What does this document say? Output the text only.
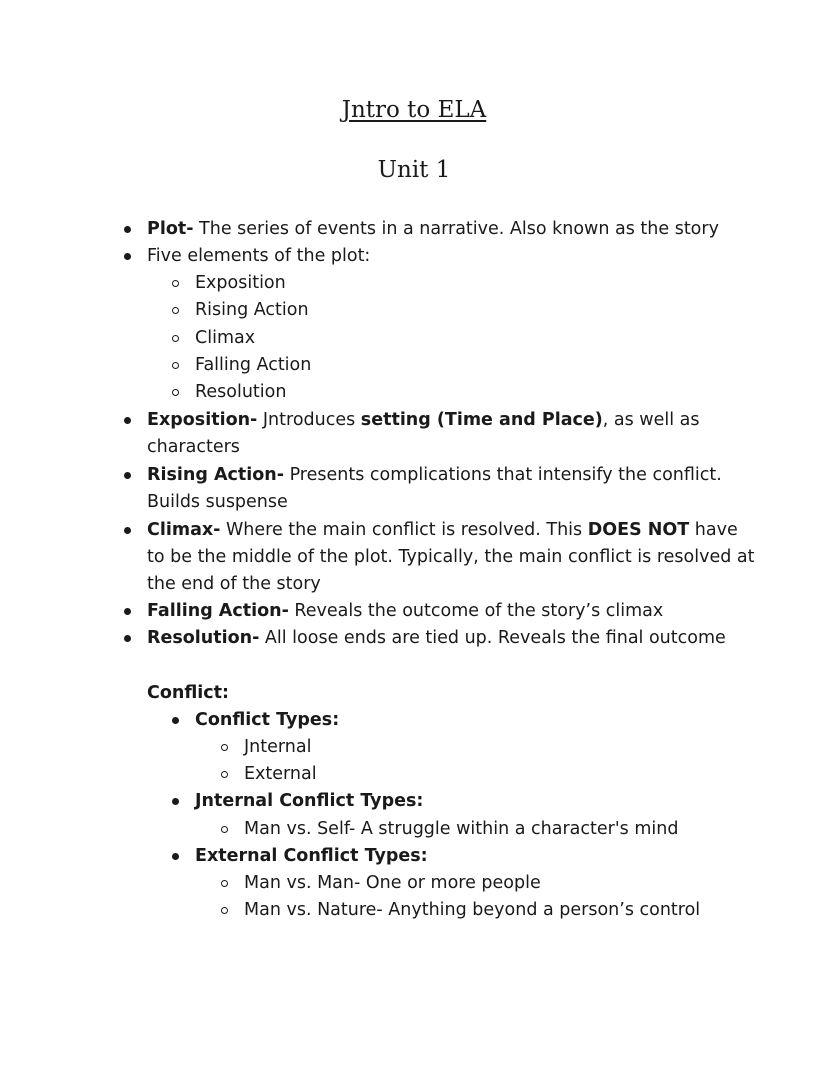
Jntro to ELA
Unit 1
Plot- The series of events in a narrative. Also known as the story
Five elements of the plot:
Exposition
Rising Action
Climax
Falling Action
Resolution
Exposition- Jntroduces setting (Time and Place), as well as
characters
Rising Action- Presents complications that intensify the conflict.
Builds suspense
Climax- Where the main conflict is resolved. This DOES NOT have
to be the middle of the plot. Typically, the main conflict is resolved at
the end of the story
Falling Action- Reveals the outcome of the story’s climax
Resolution- All loose ends are tied up. Reveals the final outcome
Conflict:
Conflict Types:
Jnternal
External
Jnternal Conflict Types:
Man vs. Self- A struggle within a character's mind
External Conflict Types:
Man vs. Man- One or more people
Man vs. Nature- Anything beyond a person’s control
